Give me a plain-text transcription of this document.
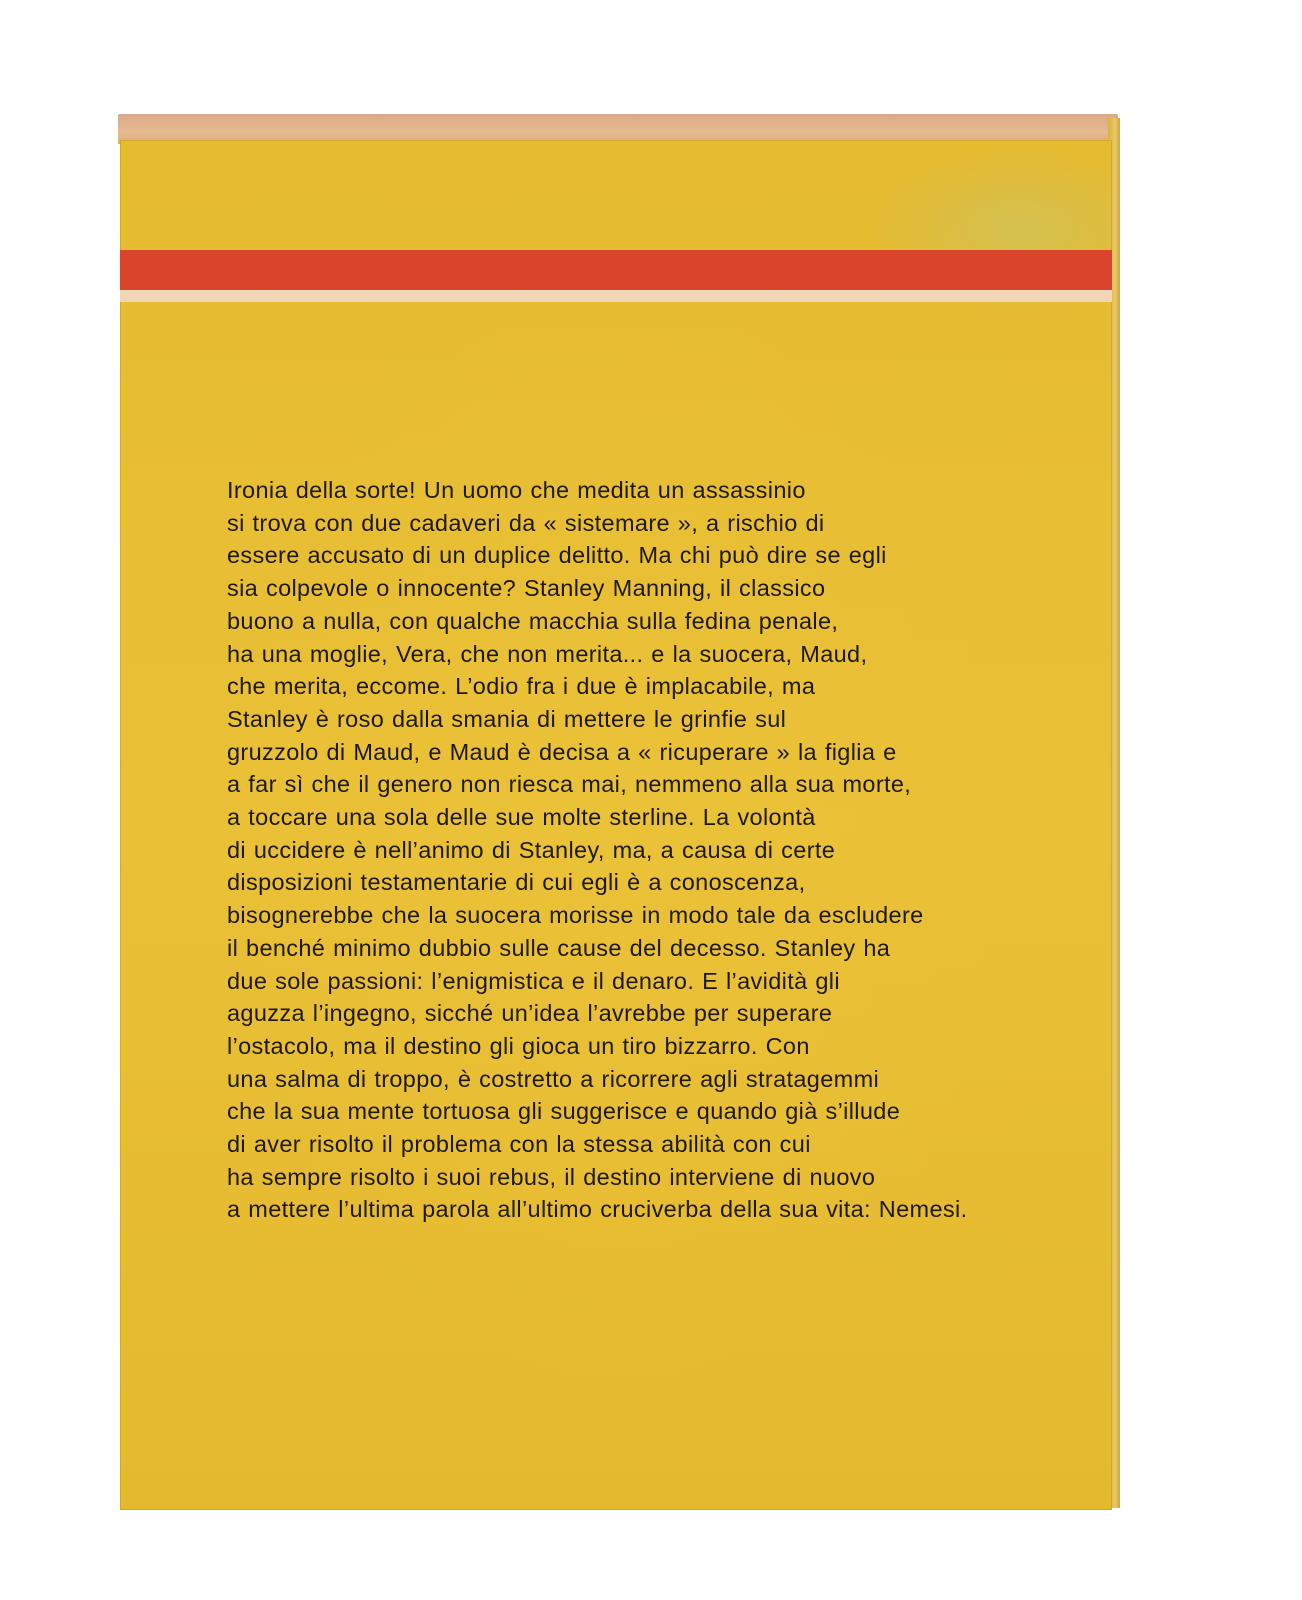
Ironia della sorte! Un uomo che medita un assassinio
si trova con due cadaveri da « sistemare », a rischio di
essere accusato di un duplice delitto. Ma chi può dire se egli
sia colpevole o innocente? Stanley Manning, il classico
buono a nulla, con qualche macchia sulla fedina penale,
ha una moglie, Vera, che non merita... e la suocera, Maud,
che merita, eccome. L’odio fra i due è implacabile, ma
Stanley è roso dalla smania di mettere le grinfie sul
gruzzolo di Maud, e Maud è decisa a « ricuperare » la figlia e
a far sì che il genero non riesca mai, nemmeno alla sua morte,
a toccare una sola delle sue molte sterline. La volontà
di uccidere è nell’animo di Stanley, ma, a causa di certe
disposizioni testamentarie di cui egli è a conoscenza,
bisognerebbe che la suocera morisse in modo tale da escludere
il benché minimo dubbio sulle cause del decesso. Stanley ha
due sole passioni: l’enigmistica e il denaro. E l’avidità gli
aguzza l’ingegno, sicché un’idea l’avrebbe per superare
l’ostacolo, ma il destino gli gioca un tiro bizzarro. Con
una salma di troppo, è costretto a ricorrere agli stratagemmi
che la sua mente tortuosa gli suggerisce e quando già s’illude
di aver risolto il problema con la stessa abilità con cui
ha sempre risolto i suoi rebus, il destino interviene di nuovo
a mettere l’ultima parola all’ultimo cruciverba della sua vita: Nemesi.
